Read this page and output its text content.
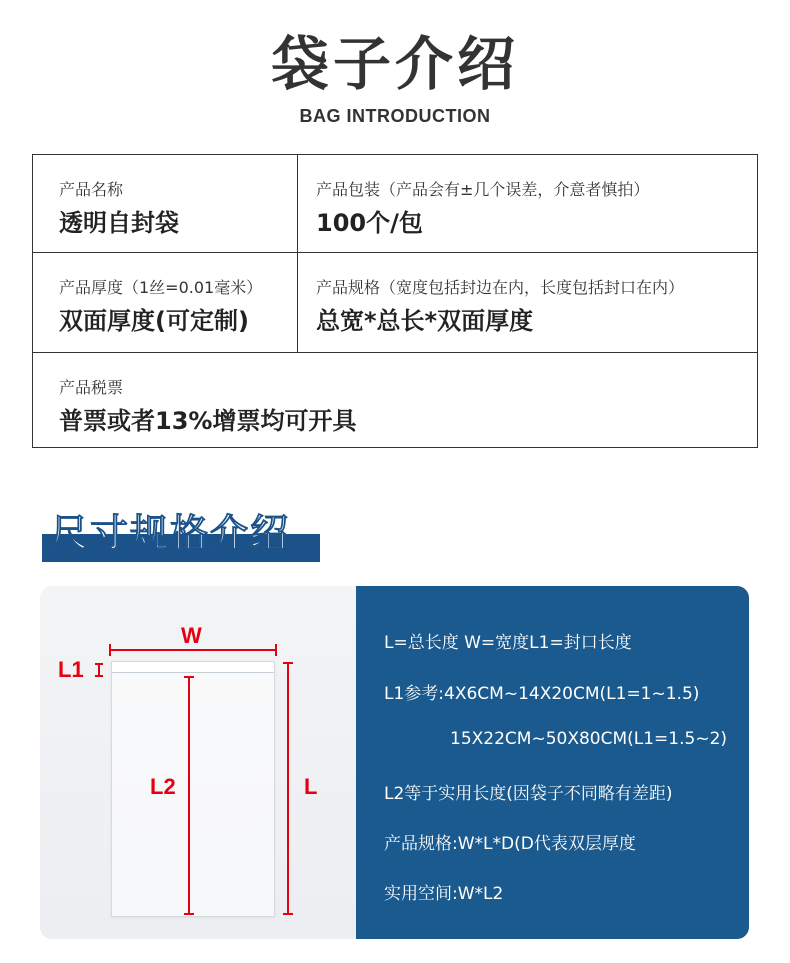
袋子介绍
BAG INTRODUCTION
产品名称
透明自封袋
产品包装（产品会有±几个误差，介意者慎拍）
100个/包
产品厚度（1丝=0.01毫米）
双面厚度(可定制)
产品规格（宽度包括封边在内，长度包括封口在内）
总宽*总长*双面厚度
产品税票
普票或者13%增票均可开具
尺寸规格介绍
W
L1
L2	L
L=总长度 W=宽度L1=封口长度
L1参考:4X6CM~14X20CM(L1=1~1.5)
15X22CM~50X80CM(L1=1.5~2)
L2等于实用长度(因袋子不同略有差距)
产品规格:W*L*D(D代表双层厚度
实用空间:W*L2
